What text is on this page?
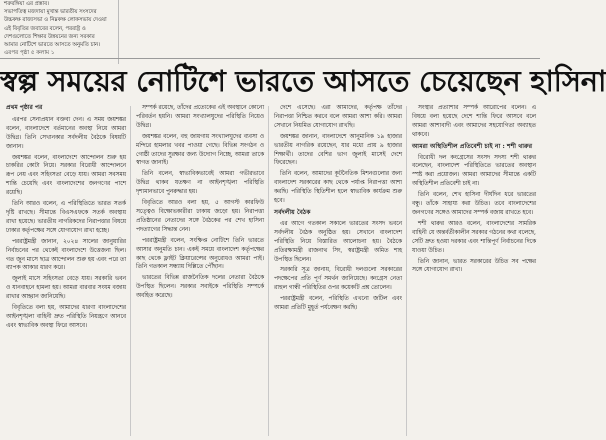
শরুরঙ্গিয়া এর প্রস্তাব।
সভাপতিত্ব মজদায়া মুখান্ত ভারতীয় সংসদের
উচ্চকক্ষ রাজ্যসভা ও নিম্নকক্ষ লোকসভায় দেওয়া
এই বিবৃতির জবাবের বলেন, পররাষ্ট্র ও
দেশগুলোতে শিক্ষার উন্নয়নের জন্য সরকার
আমার নোটিশে ভারতে আসতে অনুমতি চান।
এরপর পৃষ্ঠা ৫ কলাম ১
স্বল্প সময়ের নোটিশে ভারতে আসতে চেয়েছেন হাসিনা

প্রথম পৃষ্ঠার পর

এরপর সেনাপ্রধান বক্তব্য দেন। এ সময় জয়শঙ্কর বলেন, বাংলাদেশে বর্তমানের অবস্থা নিয়ে আমরা উদ্বিগ্ন। তিনি সেখানকার সর্বদলীয় বৈঠকে বিষয়টি জানান।

জয়শঙ্কর বলেন, বাংলাদেশে আন্দোলন শুরু হয় চাকরির কোটা নিয়ে। সরকার বিরোধী আন্দোলনে রূপ নেয় এবং সহিংসতা বেড়ে যায়। আমরা সবসময় শান্তি চেয়েছি এবং বাংলাদেশের জনগণের পাশে রয়েছি।

তিনি আরও বলেন, এ পরিস্থিতিতে ভারত সতর্ক দৃষ্টি রাখছে। সীমান্তে বিএসএফকে সতর্ক অবস্থায় রাখা হয়েছে। ভারতীয় নাগরিকদের নিরাপত্তার বিষয়ে ঢাকার কর্তৃপক্ষের সঙ্গে যোগাযোগ রাখা হচ্ছে।

পররাষ্ট্রমন্ত্রী জানান, ২০২৪ সালের জানুয়ারির নির্বাচনের পর থেকেই বাংলাদেশে উত্তেজনা ছিল। গত জুন মাসে ছাত্র আন্দোলন শুরু হয় এবং পরে তা ব্যাপক আকার ধারণ করে।

জুলাই মাসে সহিংসতা বেড়ে যায়। সরকারি ভবন ও যানবাহনে হামলা হয়। আমরা বারবার সংযম বজায় রাখার আহ্বান জানিয়েছি।

বিবৃতিতে বলা হয়, আমাদের ধারণা বাংলাদেশের আইনশৃঙ্খলা বাহিনী দ্রুত পরিস্থিতি নিয়ন্ত্রণে আনবে এবং স্বাভাবিক অবস্থা ফিরে আসবে।

সম্পর্ক রয়েছে, তাঁদের প্রত্যেকের এই অবস্থানে কোনো পরিবর্তন হয়নি। আমরা সংখ্যালঘুদের পরিস্থিতি নিয়েও উদ্বিগ্ন।

জয়শঙ্কর বলেন, বহু জায়গায় সংখ্যালঘুদের ব্যবসা ও মন্দিরে হামলার খবর পাওয়া গেছে। বিভিন্ন সংগঠন ও গোষ্ঠী তাদের সুরক্ষার জন্য উদ্যোগ নিচ্ছে, আমরা তাকে স্বাগত জানাই।

তিনি বলেন, স্বাভাবিকভাবেই আমরা গভীরভাবে উদ্বিগ্ন থাকব যতক্ষণ না আইনশৃঙ্খলা পরিস্থিতি দৃশ্যমানভাবে পুনরুদ্ধার হয়।

বিবৃতিতে আরও বলা হয়, ৫ আগস্ট কারফিউ সত্ত্বেও বিক্ষোভকারীরা ঢাকায় জড়ো হয়। নিরাপত্তা প্রতিষ্ঠানের নেতাদের সঙ্গে বৈঠকের পর শেখ হাসিনা পদত্যাগের সিদ্ধান্ত নেন।

পররাষ্ট্রমন্ত্রী বলেন, সংক্ষিপ্ত নোটিশে তিনি ভারতে আসার অনুমতি চান। একই সময়ে বাংলাদেশ কর্তৃপক্ষের কাছ থেকে ফ্লাইট ক্লিয়ারেন্সের অনুরোধও আমরা পাই। তিনি গতকাল সন্ধ্যায় দিল্লিতে পৌঁছান।

ভারতের বিভিন্ন রাজনৈতিক দলের নেতারা বৈঠকে উপস্থিত ছিলেন। সরকার সবাইকে পরিস্থিতি সম্পর্কে অবহিত করেছে।

দেশে এসেছে। এরা আমাদের, কর্তৃপক্ষ তাঁদের নিরাপত্তা নিশ্চিত করবে বলে আমরা আশা করি। আমরা সেখানে নিয়মিত যোগাযোগ রাখছি।

জয়শঙ্কর জানান, বাংলাদেশে আনুমানিক ১৯ হাজার ভারতীয় নাগরিক রয়েছেন, যার মধ্যে প্রায় ৯ হাজার শিক্ষার্থী। তাদের বেশির ভাগ জুলাই মাসেই দেশে ফিরেছেন।

তিনি বলেন, আমাদের কূটনৈতিক মিশনগুলোর জন্য বাংলাদেশ সরকারের কাছ থেকে পর্যাপ্ত নিরাপত্তা আশা করছি। পরিস্থিতি স্থিতিশীল হলে স্বাভাবিক কার্যক্রম শুরু হবে।

সর্বদলীয় বৈঠক

এর আগে গতকাল সকালে ভারতের সংসদ ভবনে সর্বদলীয় বৈঠক অনুষ্ঠিত হয়। সেখানে বাংলাদেশ পরিস্থিতি নিয়ে বিস্তারিত আলোচনা হয়। বৈঠকে প্রতিরক্ষামন্ত্রী রাজনাথ সিং, স্বরাষ্ট্রমন্ত্রী অমিত শাহ উপস্থিত ছিলেন।

সরকারি সূত্র জানায়, বিরোধী দলগুলো সরকারের পদক্ষেপের প্রতি পূর্ণ সমর্থন জানিয়েছে। কংগ্রেস নেতা রাহুল গান্ধী পরিস্থিতির ওপর কয়েকটি প্রশ্ন তোলেন।

পররাষ্ট্রমন্ত্রী বলেন, পরিস্থিতি এখনো জটিল এবং আমরা প্রতিটি মুহূর্ত পর্যবেক্ষণ করছি।

সংস্থার প্রত্যাশার সম্পর্ক আরোপের বলেন। এ বিষয়ে বলা হয়েছে দেশে শান্তি ফিরে আসবে বলে আমরা আশাবাদী এবং আমাদের সহযোগিতা অব্যাহত থাকবে।

আমরা অস্থিতিশীল প্রতিবেশী চাই না : শশী থারুর

বিরোধী দল কংগ্রেসের সংসদ সদস্য শশী থারুর বলেছেন, বাংলাদেশ পরিস্থিতিতে ভারতের অবস্থান স্পষ্ট করা প্রয়োজন। আমরা আমাদের সীমান্তে একটি অস্থিতিশীল প্রতিবেশী চাই না।

তিনি বলেন, শেখ হাসিনা দীর্ঘদিন ধরে ভারতের বন্ধু। তাঁকে সাহায্য করা উচিত। তবে বাংলাদেশের জনগণের সঙ্গেও আমাদের সম্পর্ক বজায় রাখতে হবে।

শশী থারুর আরও বলেন, বাংলাদেশের সামরিক বাহিনী যে অন্তর্বর্তীকালীন সরকার গঠনের কথা বলেছে, সেটি দ্রুত হওয়া দরকার এবং শান্তিপূর্ণ নির্বাচনের দিকে যাওয়া উচিত।

তিনি জানান, ভারত সরকারের উচিত সব পক্ষের সঙ্গে যোগাযোগ রাখা।
